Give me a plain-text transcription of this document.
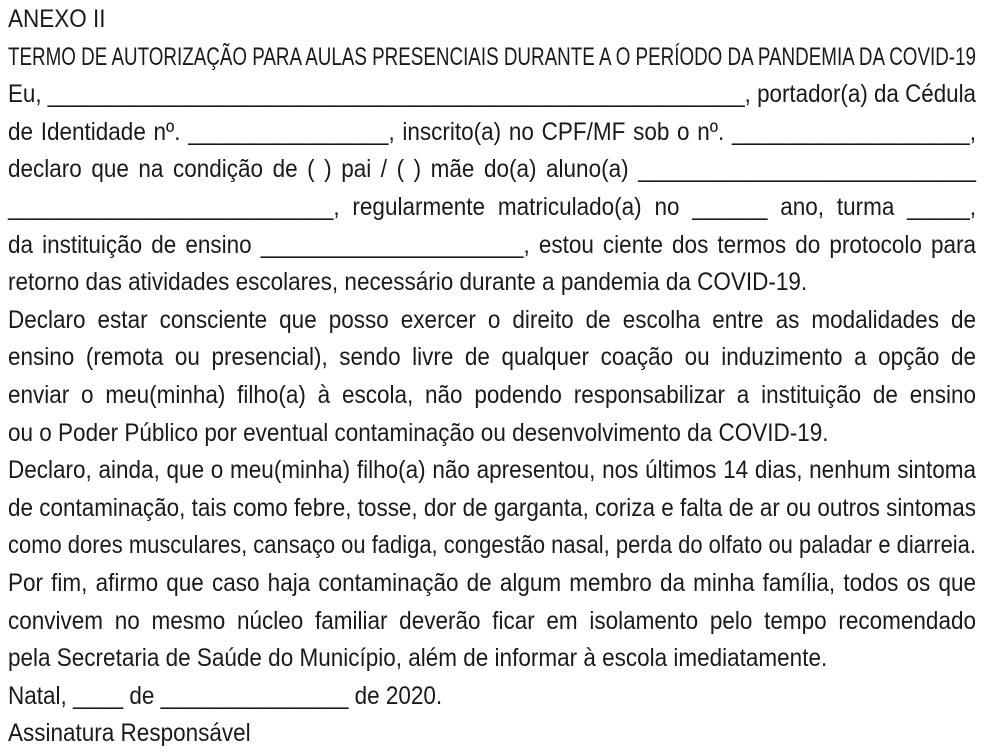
ANEXO II
TERMO DE AUTORIZAÇÃO PARA AULAS PRESENCIAIS DURANTE A O PERÍODO DA PANDEMIA DA COVID-19
Eu, ________________________________________________________, portador(a) da Cédula
de Identidade nº. ________________, inscrito(a) no CPF/MF sob o nº. ___________________,
declaro que na condição de ( ) pai / ( ) mãe do(a) aluno(a) ___________________________
__________________________, regularmente matriculado(a) no ______ ano, turma _____,
da instituição de ensino _____________________, estou ciente dos termos do protocolo para
retorno das atividades escolares, necessário durante a pandemia da COVID-19.
Declaro estar consciente que posso exercer o direito de escolha entre as modalidades de
ensino (remota ou presencial), sendo livre de qualquer coação ou induzimento a opção de
enviar o meu(minha) filho(a) à escola, não podendo responsabilizar a instituição de ensino
ou o Poder Público por eventual contaminação ou desenvolvimento da COVID-19.
Declaro, ainda, que o meu(minha) filho(a) não apresentou, nos últimos 14 dias, nenhum sintoma
de contaminação, tais como febre, tosse, dor de garganta, coriza e falta de ar ou outros sintomas
como dores musculares, cansaço ou fadiga, congestão nasal, perda do olfato ou paladar e diarreia.
Por fim, afirmo que caso haja contaminação de algum membro da minha família, todos os que
convivem no mesmo núcleo familiar deverão ficar em isolamento pelo tempo recomendado
pela Secretaria de Saúde do Município, além de informar à escola imediatamente.
Natal, ____ de _______________ de 2020.
Assinatura Responsável
